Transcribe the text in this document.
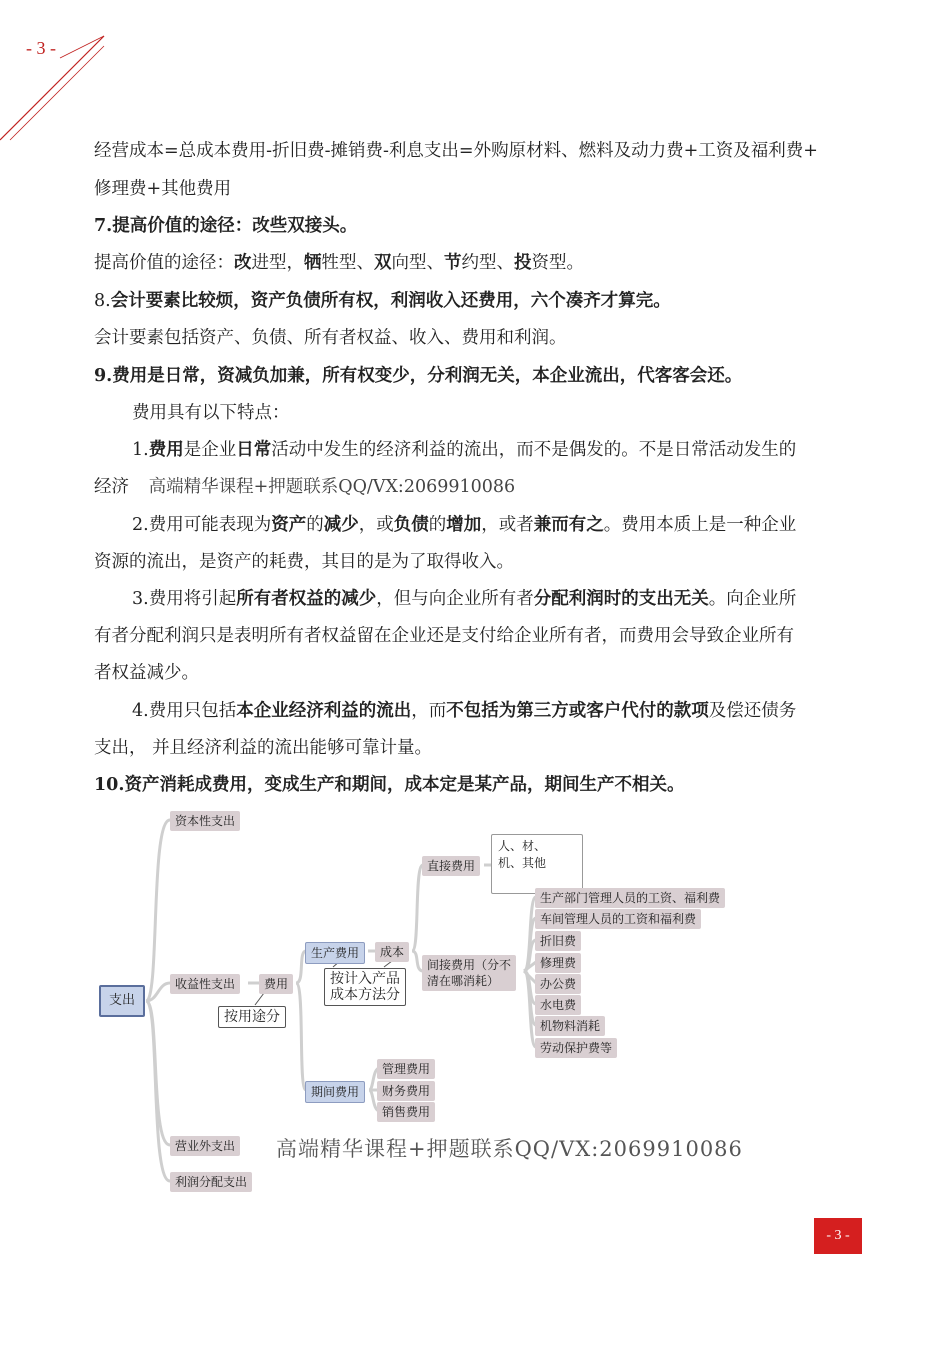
- 3 -
经营成本=总成本费用-折旧费-摊销费-利息支出=外购原材料、燃料及动力费+工资及福利费+
修理费+其他费用
7.提高价值的途径：改些双接头。
提高价值的途径：改进型，牺牲型、双向型、节约型、投资型。
8.会计要素比较烦，资产负债所有权，利润收入还费用，六个凑齐才算完。
会计要素包括资产、负债、所有者权益、收入、费用和利润。
9.费用是日常，资减负加兼，所有权变少，分利润无关，本企业流出，代客客会还。
费用具有以下特点：
1.费用是企业日常活动中发生的经济利益的流出，而不是偶发的。不是日常活动发生的
经济 高端精华课程+押题联系QQ/VX:2069910086
2.费用可能表现为资产的减少，或负债的增加，或者兼而有之。费用本质上是一种企业
资源的流出，是资产的耗费，其目的是为了取得收入。
3.费用将引起所有者权益的减少，但与向企业所有者分配利润时的支出无关。向企业所
有者分配利润只是表明所有者权益留在企业还是支付给企业所有者，而费用会导致企业所有
者权益减少。
4.费用只包括本企业经济利益的流出，而不包括为第三方或客户代付的款项及偿还债务
支出， 并且经济利益的流出能够可靠计量。
10.资产消耗成费用，变成生产和期间，成本定是某产品，期间生产不相关。
支出
资本性支出
收益性支出
营业外支出
利润分配支出
费用
按用途分
生产费用
期间费用
成本
按计入产品
成本方法分
直接费用
人、材、
机、其他
间接费用（分不
清在哪消耗）
生产部门管理人员的工资、福利费
车间管理人员的工资和福利费
折旧费
修理费
办公费
水电费
机物料消耗
劳动保护费等
管理费用
财务费用
销售费用
高端精华课程+押题联系QQ/VX:2069910086
- 3 -
